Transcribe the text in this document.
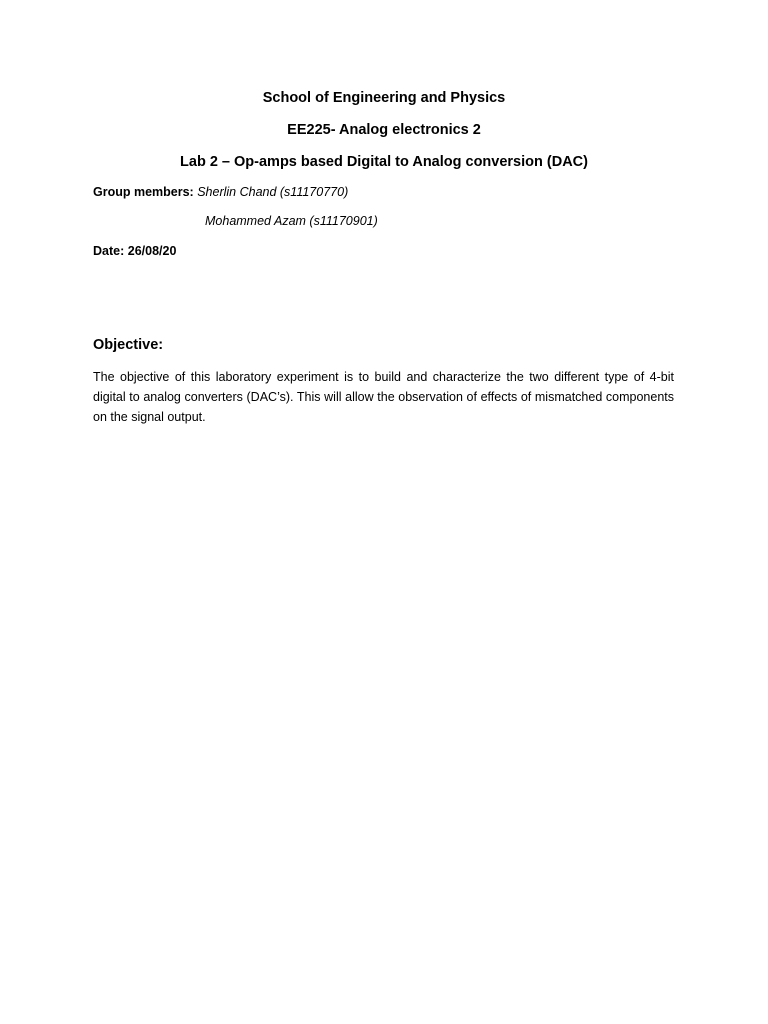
School of Engineering and Physics
EE225- Analog electronics 2
Lab 2 – Op-amps based Digital to Analog conversion (DAC)
Group members: Sherlin Chand (s11170770)
Mohammed Azam (s11170901)
Date: 26/08/20
Objective:
The objective of this laboratory experiment is to build and characterize the two different type of 4-bit digital to analog converters (DAC’s). This will allow the observation of effects of mismatched components on the signal output.
